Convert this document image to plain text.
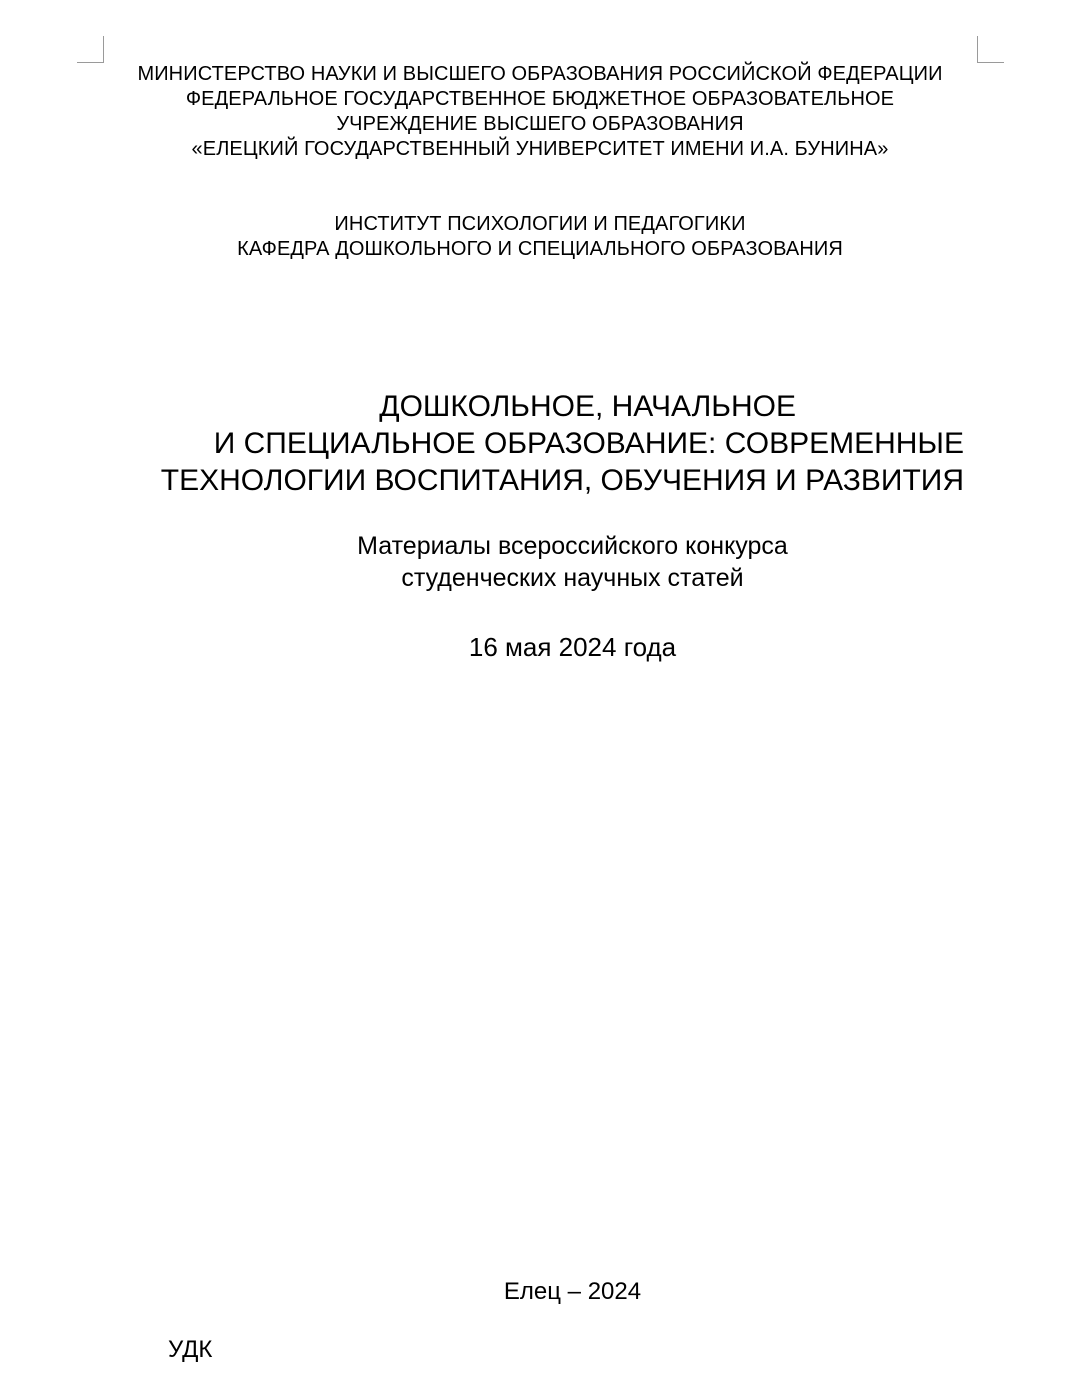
МИНИСТЕРСТВО НАУКИ И ВЫСШЕГО ОБРАЗОВАНИЯ РОССИЙСКОЙ ФЕДЕРАЦИИ
ФЕДЕРАЛЬНОЕ ГОСУДАРСТВЕННОЕ БЮДЖЕТНОЕ ОБРАЗОВАТЕЛЬНОЕ
УЧРЕЖДЕНИЕ ВЫСШЕГО ОБРАЗОВАНИЯ
«ЕЛЕЦКИЙ ГОСУДАРСТВЕННЫЙ УНИВЕРСИТЕТ ИМЕНИ И.А. БУНИНА»
ИНСТИТУТ ПСИХОЛОГИИ И ПЕДАГОГИКИ
КАФЕДРА ДОШКОЛЬНОГО И СПЕЦИАЛЬНОГО ОБРАЗОВАНИЯ
ДОШКОЛЬНОЕ, НАЧАЛЬНОЕ
И СПЕЦИАЛЬНОЕ ОБРАЗОВАНИЕ: СОВРЕМЕННЫЕ
ТЕХНОЛОГИИ ВОСПИТАНИЯ, ОБУЧЕНИЯ И РАЗВИТИЯ
Материалы всероссийского конкурса
студенческих научных статей
16 мая 2024 года
Елец – 2024
УДК
